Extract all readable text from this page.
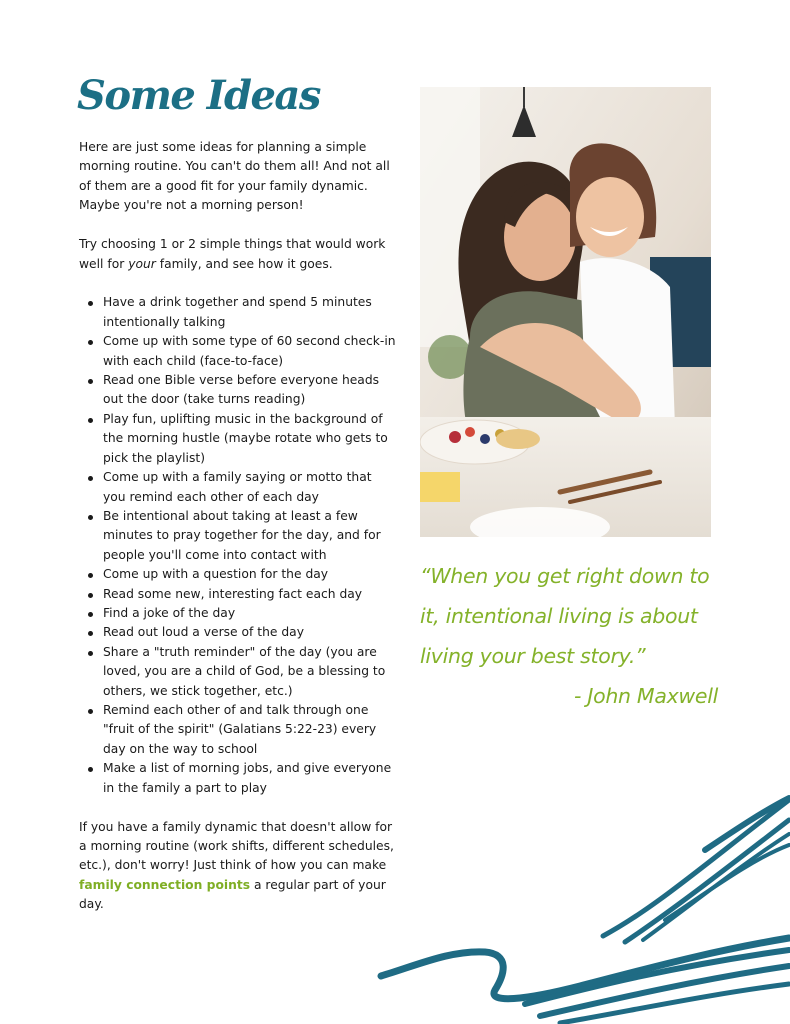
Some Ideas

Here are just some ideas for planning a simple morning routine. You can't do them all! And not all of them are a good fit for your family dynamic. Maybe you're not a morning person!

Try choosing 1 or 2 simple things that would work well for your family, and see how it goes.

Have a drink together and spend 5 minutes intentionally talking
Come up with some type of 60 second check-in with each child (face-to-face)
Read one Bible verse before everyone heads out the door (take turns reading)
Play fun, uplifting music in the background of the morning hustle (maybe rotate who gets to pick the playlist)
Come up with a family saying or motto that you remind each other of each day
Be intentional about taking at least a few minutes to pray together for the day, and for people you'll come into contact with
Come up with a question for the day
Read some new, interesting fact each day
Find a joke of the day
Read out loud a verse of the day
Share a "truth reminder" of the day (you are loved, you are a child of God, be a blessing to others, we stick together, etc.)
Remind each other of and talk through one "fruit of the spirit" (Galatians 5:22-23) every day on the way to school
Make a list of morning jobs, and give everyone in the family a part to play

If you have a family dynamic that doesn't allow for a morning routine (work shifts, different schedules, etc.), don't worry! Just think of how you can make family connection points a regular part of your day.

“When you get right down to it, intentional living is about living your best story.”

- John Maxwell
